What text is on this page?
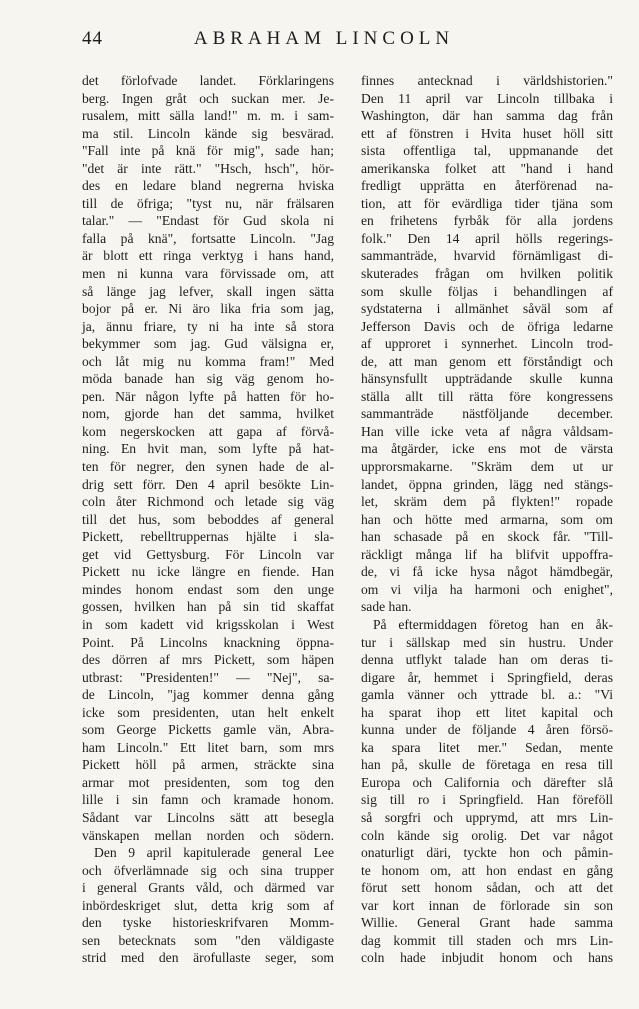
44	ABRAHAM LINCOLN
det förlofvade landet. Förklaringens
berg. Ingen gråt och suckan mer. Je-
rusalem, mitt sälla land!" m. m. i sam-
ma stil. Lincoln kände sig besvärad.
"Fall inte på knä för mig", sade han;
"det är inte rätt." "Hsch, hsch", hör-
des en ledare bland negrerna hviska
till de öfriga; "tyst nu, när frälsaren
talar." — "Endast för Gud skola ni
falla på knä", fortsatte Lincoln. "Jag
är blott ett ringa verktyg i hans hand,
men ni kunna vara förvissade om, att
så länge jag lefver, skall ingen sätta
bojor på er. Ni äro lika fria som jag,
ja, ännu friare, ty ni ha inte så stora
bekymmer som jag. Gud välsigna er,
och låt mig nu komma fram!" Med
möda banade han sig väg genom ho-
pen. När någon lyfte på hatten för ho-
nom, gjorde han det samma, hvilket
kom negerskocken att gapa af förvå-
ning. En hvit man, som lyfte på hat-
ten för negrer, den synen hade de al-
drig sett förr. Den 4 april besökte Lin-
coln åter Richmond och letade sig väg
till det hus, som beboddes af general
Pickett, rebelltruppernas hjälte i sla-
get vid Gettysburg. För Lincoln var
Pickett nu icke längre en fiende. Han
mindes honom endast som den unge
gossen, hvilken han på sin tid skaffat
in som kadett vid krigsskolan i West
Point. På Lincolns knackning öppna-
des dörren af mrs Pickett, som häpen
utbrast: "Presidenten!" — "Nej", sa-
de Lincoln, "jag kommer denna gång
icke som presidenten, utan helt enkelt
som George Picketts gamle vän, Abra-
ham Lincoln." Ett litet barn, som mrs
Pickett höll på armen, sträckte sina
armar mot presidenten, som tog den
lille i sin famn och kramade honom.
Sådant var Lincolns sätt att besegla
vänskapen mellan norden och södern.
Den 9 april kapitulerade general Lee
och öfverlämnade sig och sina trupper
i general Grants våld, och därmed var
inbördeskriget slut, detta krig som af
den tyske historieskrifvaren Momm-
sen betecknats som "den väldigaste
strid med den ärofullaste seger, som
finnes antecknad i världshistorien."
Den 11 april var Lincoln tillbaka i
Washington, där han samma dag från
ett af fönstren i Hvita huset höll sitt
sista offentliga tal, uppmanande det
amerikanska folket att "hand i hand
fredligt upprätta en återförenad na-
tion, att för evärdliga tider tjäna som
en frihetens fyrbåk för alla jordens
folk." Den 14 april hölls regerings-
sammanträde, hvarvid förnämligast di-
skuterades frågan om hvilken politik
som skulle följas i behandlingen af
sydstaterna i allmänhet såväl som af
Jefferson Davis och de öfriga ledarne
af upproret i synnerhet. Lincoln trod-
de, att man genom ett förståndigt och
hänsynsfullt uppträdande skulle kunna
ställa allt till rätta före kongressens
sammanträde nästföljande december.
Han ville icke veta af några våldsam-
ma åtgärder, icke ens mot de värsta
upprorsmakarne. "Skräm dem ut ur
landet, öppna grinden, lägg ned stängs-
let, skräm dem på flykten!" ropade
han och hötte med armarna, som om
han schasade på en skock får. "Till-
räckligt många lif ha blifvit uppoffra-
de, vi få icke hysa något hämdbegär,
om vi vilja ha harmoni och enighet",
sade han.
På eftermiddagen företog han en åk-
tur i sällskap med sin hustru. Under
denna utflykt talade han om deras ti-
digare år, hemmet i Springfield, deras
gamla vänner och yttrade bl. a.: "Vi
ha sparat ihop ett litet kapital och
kunna under de följande 4 åren försö-
ka spara litet mer." Sedan, mente
han på, skulle de företaga en resa till
Europa och California och därefter slå
sig till ro i Springfield. Han föreföll
så sorgfri och upprymd, att mrs Lin-
coln kände sig orolig. Det var något
onaturligt däri, tyckte hon och påmin-
te honom om, att hon endast en gång
förut sett honom sådan, och att det
var kort innan de förlorade sin son
Willie. General Grant hade samma
dag kommit till staden och mrs Lin-
coln hade inbjudit honom och hans
